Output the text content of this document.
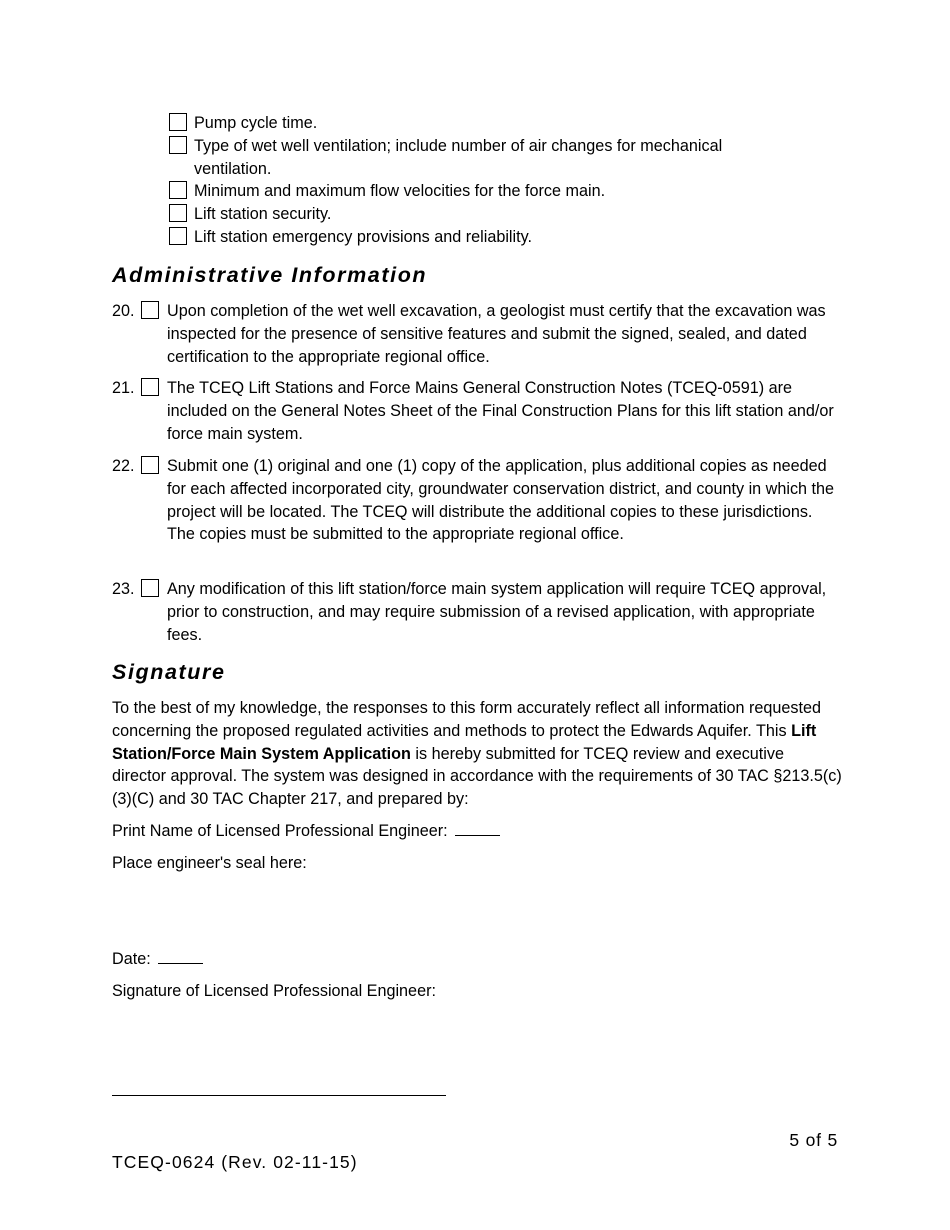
Pump cycle time.
Type of wet well ventilation; include number of air changes for mechanical ventilation.
Minimum and maximum flow velocities for the force main.
Lift station security.
Lift station emergency provisions and reliability.
Administrative Information
20. Upon completion of the wet well excavation, a geologist must certify that the excavation was inspected for the presence of sensitive features and submit the signed, sealed, and dated certification to the appropriate regional office.
21. The TCEQ Lift Stations and Force Mains General Construction Notes (TCEQ-0591) are included on the General Notes Sheet of the Final Construction Plans for this lift station and/or force main system.
22. Submit one (1) original and one (1) copy of the application, plus additional copies as needed for each affected incorporated city, groundwater conservation district, and county in which the project will be located. The TCEQ will distribute the additional copies to these jurisdictions. The copies must be submitted to the appropriate regional office.
23. Any modification of this lift station/force main system application will require TCEQ approval, prior to construction, and may require submission of a revised application, with appropriate fees.
Signature
To the best of my knowledge, the responses to this form accurately reflect all information requested concerning the proposed regulated activities and methods to protect the Edwards Aquifer. This Lift Station/Force Main System Application is hereby submitted for TCEQ review and executive director approval. The system was designed in accordance with the requirements of 30 TAC §213.5(c)(3)(C) and 30 TAC Chapter 217, and prepared by:
Print Name of Licensed Professional Engineer:
Place engineer's seal here:
Date:
Signature of Licensed Professional Engineer:
5 of 5
TCEQ-0624 (Rev. 02-11-15)
